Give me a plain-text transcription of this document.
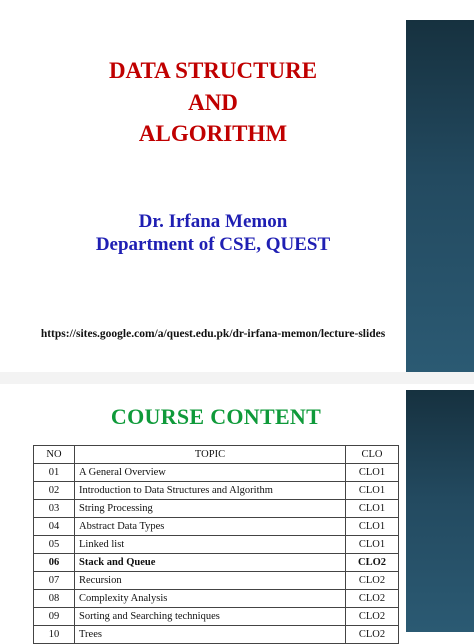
DATA STRUCTURE
AND
ALGORITHM
Dr. Irfana Memon
Department of CSE, QUEST
https://sites.google.com/a/quest.edu.pk/dr-irfana-memon/lecture-slides
COURSE CONTENT
NO	TOPIC	CLO
01	A General Overview	CLO1
02	Introduction to Data Structures and Algorithm	CLO1
03	String Processing	CLO1
04	Abstract Data Types	CLO1
05	Linked list	CLO1
06	Stack and Queue	CLO2
07	Recursion	CLO2
08	Complexity Analysis	CLO2
09	Sorting and Searching techniques	CLO2
10	Trees	CLO2
